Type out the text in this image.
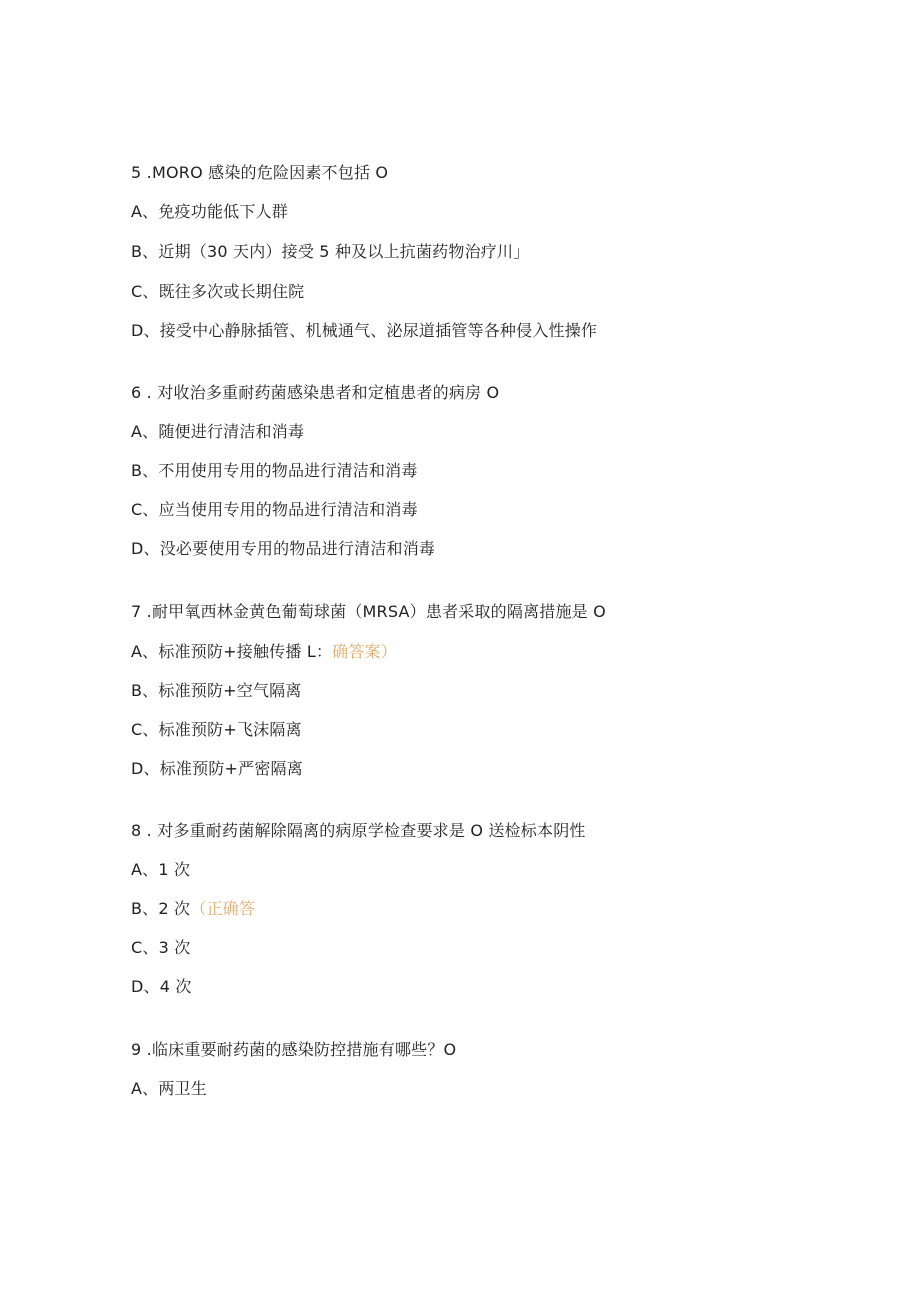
5 .MORO 感染的危险因素不包括 O
A、免疫功能低下人群
B、近期（30 天内）接受 5 种及以上抗菌药物治疗川」
C、既往多次或长期住院
D、接受中心静脉插管、机械通气、泌尿道插管等各种侵入性操作
6 . 对收治多重耐药菌感染患者和定植患者的病房 O
A、随便进行清洁和消毒
B、不用使用专用的物品进行清洁和消毒
C、应当使用专用的物品进行清洁和消毒
D、没必要使用专用的物品进行清洁和消毒
7 .耐甲氧西林金黄色葡萄球菌（MRSA）患者采取的隔离措施是 O
A、标准预防+接触传播 L：确答案）
B、标准预防+空气隔离
C、标准预防+飞沫隔离
D、标准预防+严密隔离
8 . 对多重耐药菌解除隔离的病原学检查要求是 O 送检标本阴性
A、1 次
B、2 次（正确答
C、3 次
D、4 次
9 .临床重要耐药菌的感染防控措施有哪些？O
A、两卫生
